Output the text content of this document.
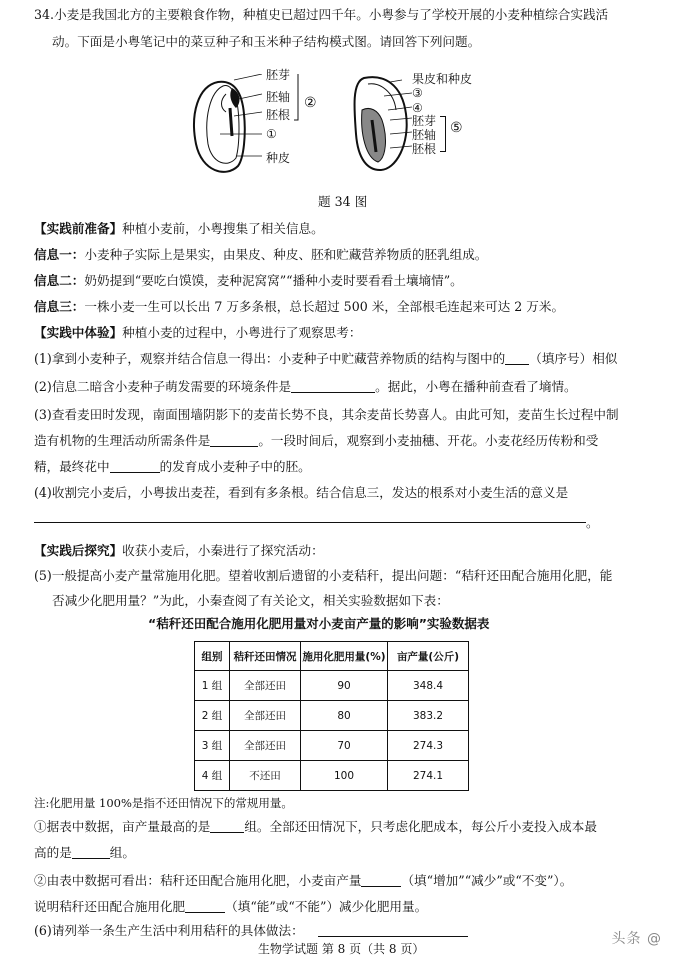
34.小麦是我国北方的主要粮食作物，种植史已超过四千年。小粤参与了学校开展的小麦种植综合实践活
动。下面是小粤笔记中的菜豆种子和玉米种子结构模式图。请回答下列问题。
胚芽
胚轴
胚根
①
种皮
②
果皮和种皮
③
④
胚芽
胚轴
胚根
⑤
题 34 图
【实践前准备】种植小麦前，小粤搜集了相关信息。
信息一：小麦种子实际上是果实，由果皮、种皮、胚和贮藏营养物质的胚乳组成。
信息二：奶奶提到“要吃白馍馍，麦种泥窝窝”“播种小麦时要看看土壤墒情”。
信息三：一株小麦一生可以长出 7 万多条根，总长超过 500 米，全部根毛连起来可达 2 万米。
【实践中体验】种植小麦的过程中，小粤进行了观察思考：
(1)拿到小麦种子，观察并结合信息一得出：小麦种子中贮藏营养物质的结构与图中的 （填序号）相似
(2)信息二暗含小麦种子萌发需要的环境条件是	。据此，小粤在播种前查看了墒情。
(3)查看麦田时发现，南面围墙阴影下的麦苗长势不良，其余麦苗长势喜人。由此可知，麦苗生长过程中制
造有机物的生理活动所需条件是	。一段时间后，观察到小麦抽穗、开花。小麦花经历传粉和受
精，最终花中	的发育成小麦种子中的胚。
(4)收割完小麦后，小粤拔出麦茬，看到有多条根。结合信息三，发达的根系对小麦生活的意义是
。
【实践后探究】收获小麦后，小秦进行了探究活动：
(5)一般提高小麦产量常施用化肥。望着收割后遗留的小麦秸秆，提出问题：“秸秆还田配合施用化肥，能
否减少化肥用量？”为此，小秦查阅了有关论文，相关实验数据如下表：
“秸秆还田配合施用化肥用量对小麦亩产量的影响”实验数据表
组别	秸秆还田情况	施用化肥用量(%)	亩产量(公斤)
1 组	全部还田	90	348.4
2 组	全部还田	80	383.2
3 组	全部还田	70	274.3
4 组	不还田	100	274.1
注:化肥用量 100%是指不还田情况下的常规用量。
①据表中数据，亩产量最高的是	组。全部还田情况下，只考虑化肥成本，每公斤小麦投入成本最
高的是	组。
②由表中数据可看出：秸秆还田配合施用化肥，小麦亩产量	（填“增加”“减少”或“不变”）。
说明秸秆还田配合施用化肥	（填“能”或“不能”）减少化肥用量。
(6)请列举一条生产生活中利用秸秆的具体做法：
生物学试题 第 8 页（共 8 页）
头条 @
